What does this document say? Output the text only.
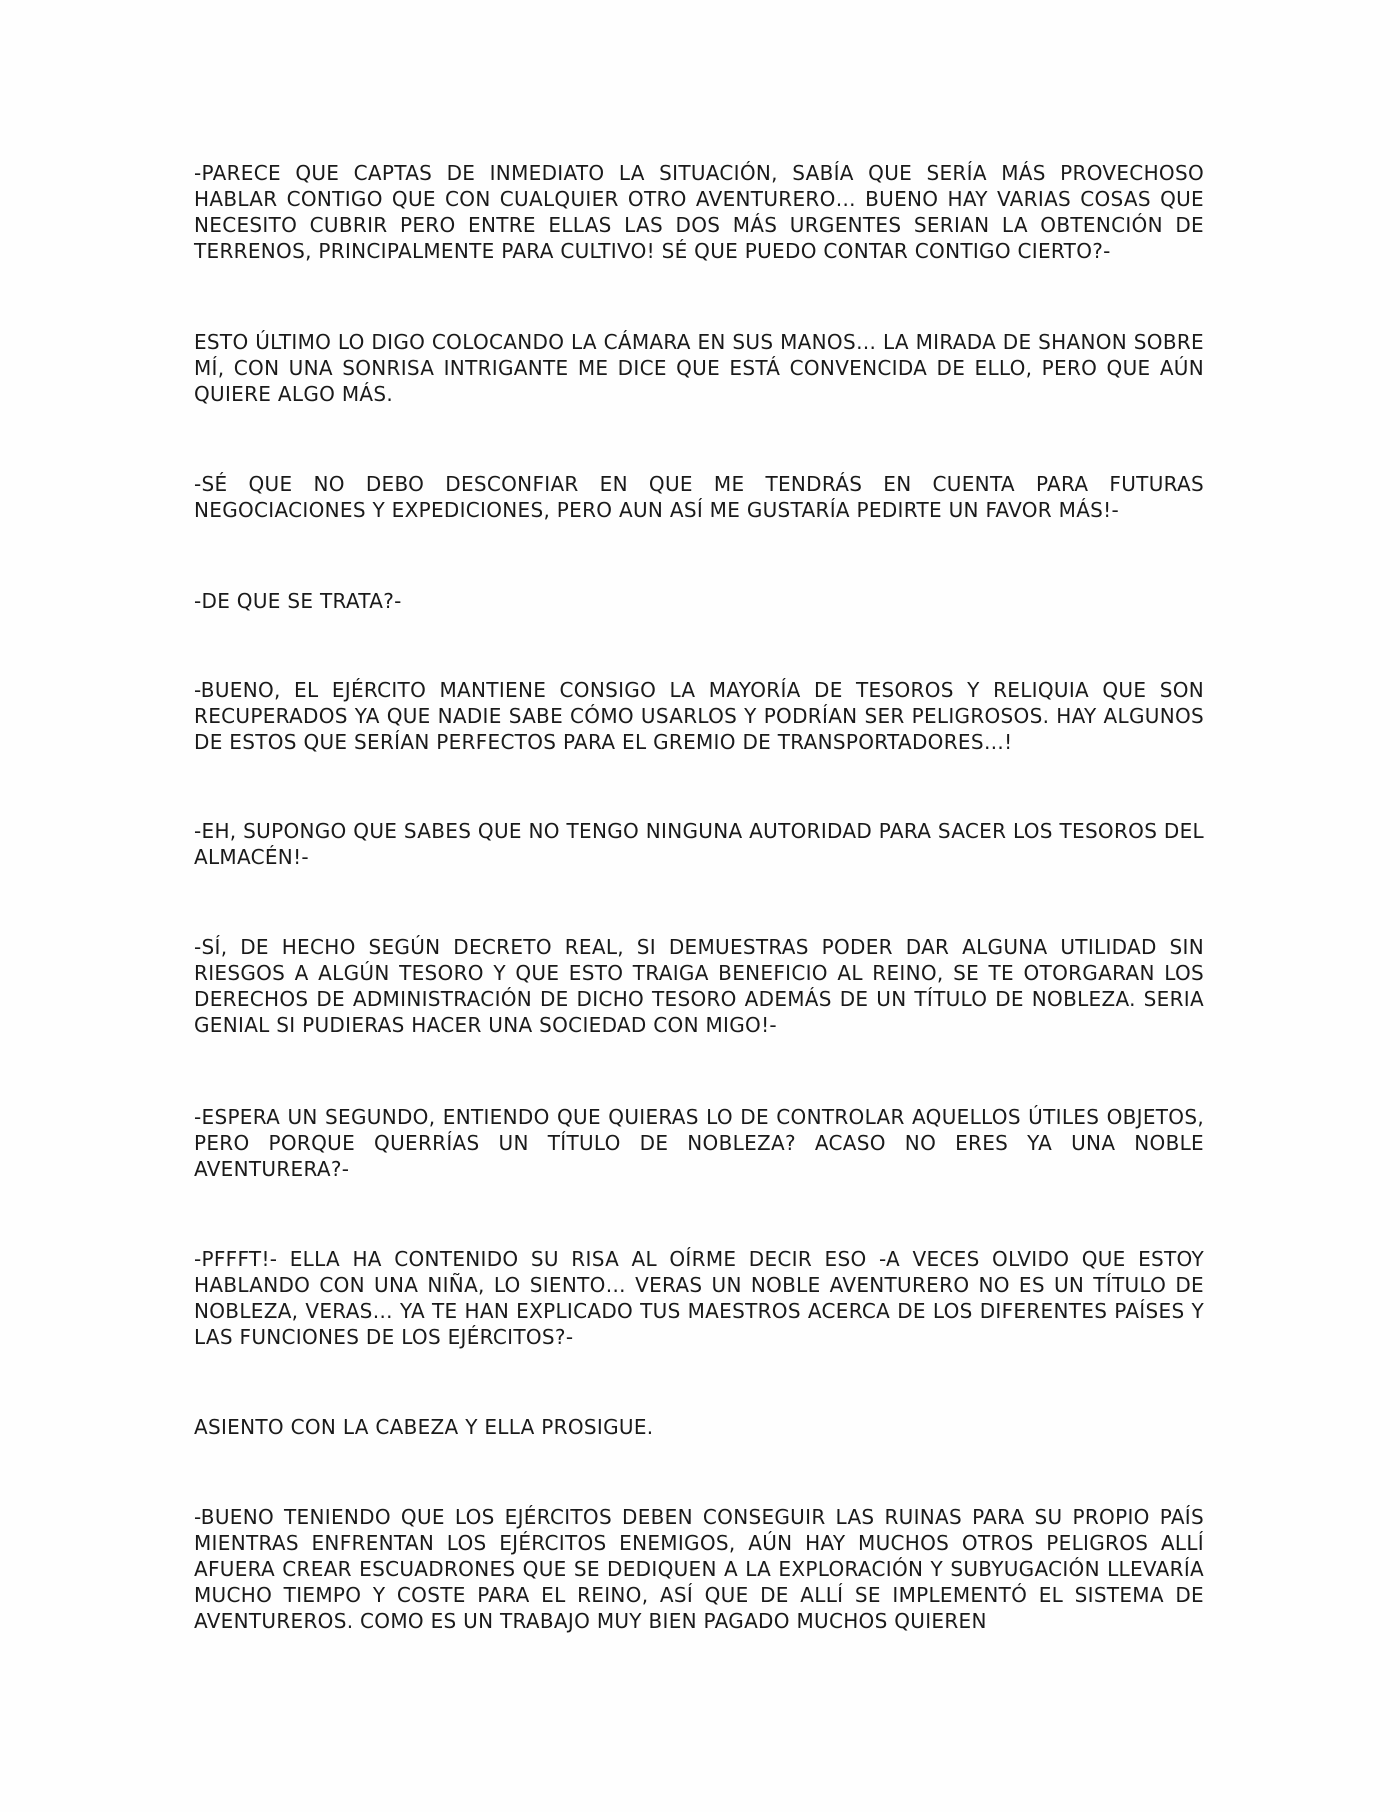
-PARECE QUE CAPTAS DE INMEDIATO LA SITUACIÓN, SABÍA QUE SERÍA MÁS PROVECHOSO HABLAR CONTIGO QUE CON CUALQUIER OTRO AVENTURERO… BUENO HAY VARIAS COSAS QUE NECESITO CUBRIR PERO ENTRE ELLAS LAS DOS MÁS URGENTES SERIAN LA OBTENCIÓN DE TERRENOS, PRINCIPALMENTE PARA CULTIVO! SÉ QUE PUEDO CONTAR CONTIGO CIERTO?-

ESTO ÚLTIMO LO DIGO COLOCANDO LA CÁMARA EN SUS MANOS… LA MIRADA DE SHANON SOBRE MÍ, CON UNA SONRISA INTRIGANTE ME DICE QUE ESTÁ CONVENCIDA DE ELLO, PERO QUE AÚN QUIERE ALGO MÁS.

-SÉ QUE NO DEBO DESCONFIAR EN QUE ME TENDRÁS EN CUENTA PARA FUTURAS NEGOCIACIONES Y EXPEDICIONES, PERO AUN ASÍ ME GUSTARÍA PEDIRTE UN FAVOR MÁS!-

-DE QUE SE TRATA?-

-BUENO, EL EJÉRCITO MANTIENE CONSIGO LA MAYORÍA DE TESOROS Y RELIQUIA QUE SON RECUPERADOS YA QUE NADIE SABE CÓMO USARLOS Y PODRÍAN SER PELIGROSOS. HAY ALGUNOS DE ESTOS QUE SERÍAN PERFECTOS PARA EL GREMIO DE TRANSPORTADORES…!

-EH, SUPONGO QUE SABES QUE NO TENGO NINGUNA AUTORIDAD PARA SACER LOS TESOROS DEL ALMACÉN!-

-SÍ, DE HECHO SEGÚN DECRETO REAL, SI DEMUESTRAS PODER DAR ALGUNA UTILIDAD SIN RIESGOS A ALGÚN TESORO Y QUE ESTO TRAIGA BENEFICIO AL REINO, SE TE OTORGARAN LOS DERECHOS DE ADMINISTRACIÓN DE DICHO TESORO ADEMÁS DE UN TÍTULO DE NOBLEZA. SERIA GENIAL SI PUDIERAS HACER UNA SOCIEDAD CON MIGO!-

-ESPERA UN SEGUNDO, ENTIENDO QUE QUIERAS LO DE CONTROLAR AQUELLOS ÚTILES OBJETOS, PERO PORQUE QUERRÍAS UN TÍTULO DE NOBLEZA? ACASO NO ERES YA UNA NOBLE AVENTURERA?-

-PFFFT!- ELLA HA CONTENIDO SU RISA AL OÍRME DECIR ESO -A VECES OLVIDO QUE ESTOY HABLANDO CON UNA NIÑA, LO SIENTO… VERAS UN NOBLE AVENTURERO NO ES UN TÍTULO DE NOBLEZA, VERAS… YA TE HAN EXPLICADO TUS MAESTROS ACERCA DE LOS DIFERENTES PAÍSES Y LAS FUNCIONES DE LOS EJÉRCITOS?-

ASIENTO CON LA CABEZA Y ELLA PROSIGUE.

-BUENO TENIENDO QUE LOS EJÉRCITOS DEBEN CONSEGUIR LAS RUINAS PARA SU PROPIO PAÍS MIENTRAS ENFRENTAN LOS EJÉRCITOS ENEMIGOS, AÚN HAY MUCHOS OTROS PELIGROS ALLÍ AFUERA CREAR ESCUADRONES QUE SE DEDIQUEN A LA EXPLORACIÓN Y SUBYUGACIÓN LLEVARÍA MUCHO TIEMPO Y COSTE PARA EL REINO, ASÍ QUE DE ALLÍ SE IMPLEMENTÓ EL SISTEMA DE AVENTUREROS. COMO ES UN TRABAJO MUY BIEN PAGADO MUCHOS QUIEREN
